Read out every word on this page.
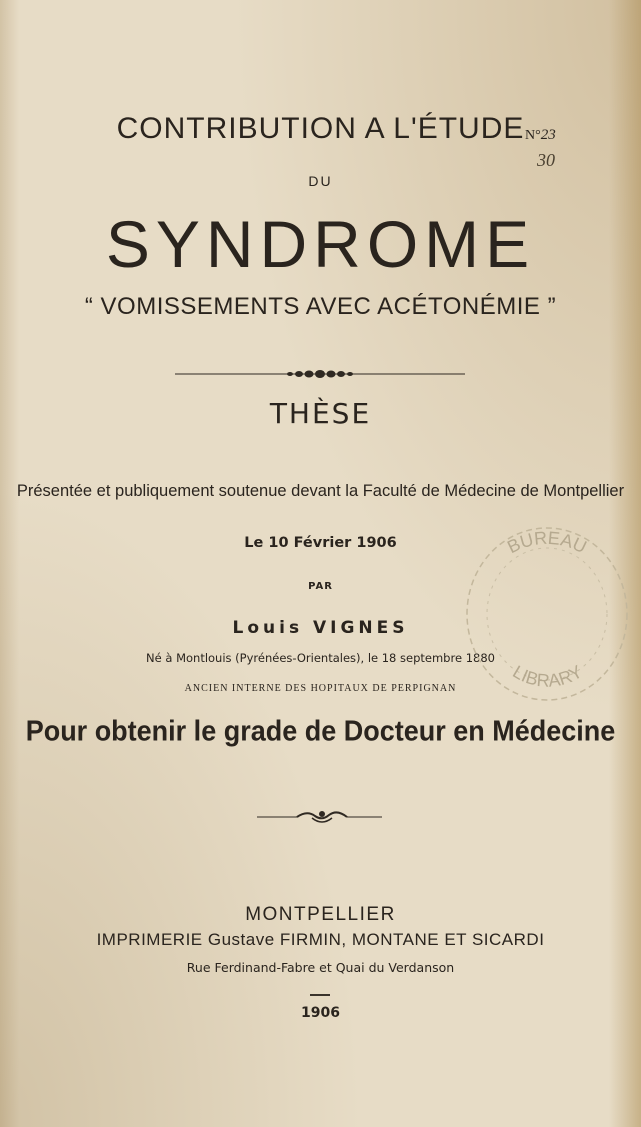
CONTRIBUTION A L'ÉTUDE
DU
SYNDROME
“ VOMISSEMENTS AVEC ACÉTONÉMIE ”
THÈSE
Présentée et publiquement soutenue devant la Faculté de Médecine de Montpellier
Le 10 Février 1906
PAR
Louis VIGNES
Né à Montlouis (Pyrénées-Orientales), le 18 septembre 1880
ANCIEN INTERNE DES HOPITAUX DE PERPIGNAN
Pour obtenir le grade de Docteur en Médecine
MONTPELLIER
IMPRIMERIE Gustave FIRMIN, MONTANE ET SICARDI
Rue Ferdinand-Fabre et Quai du Verdanson
1906
N°23
30
BUREAU
LIBRARY
